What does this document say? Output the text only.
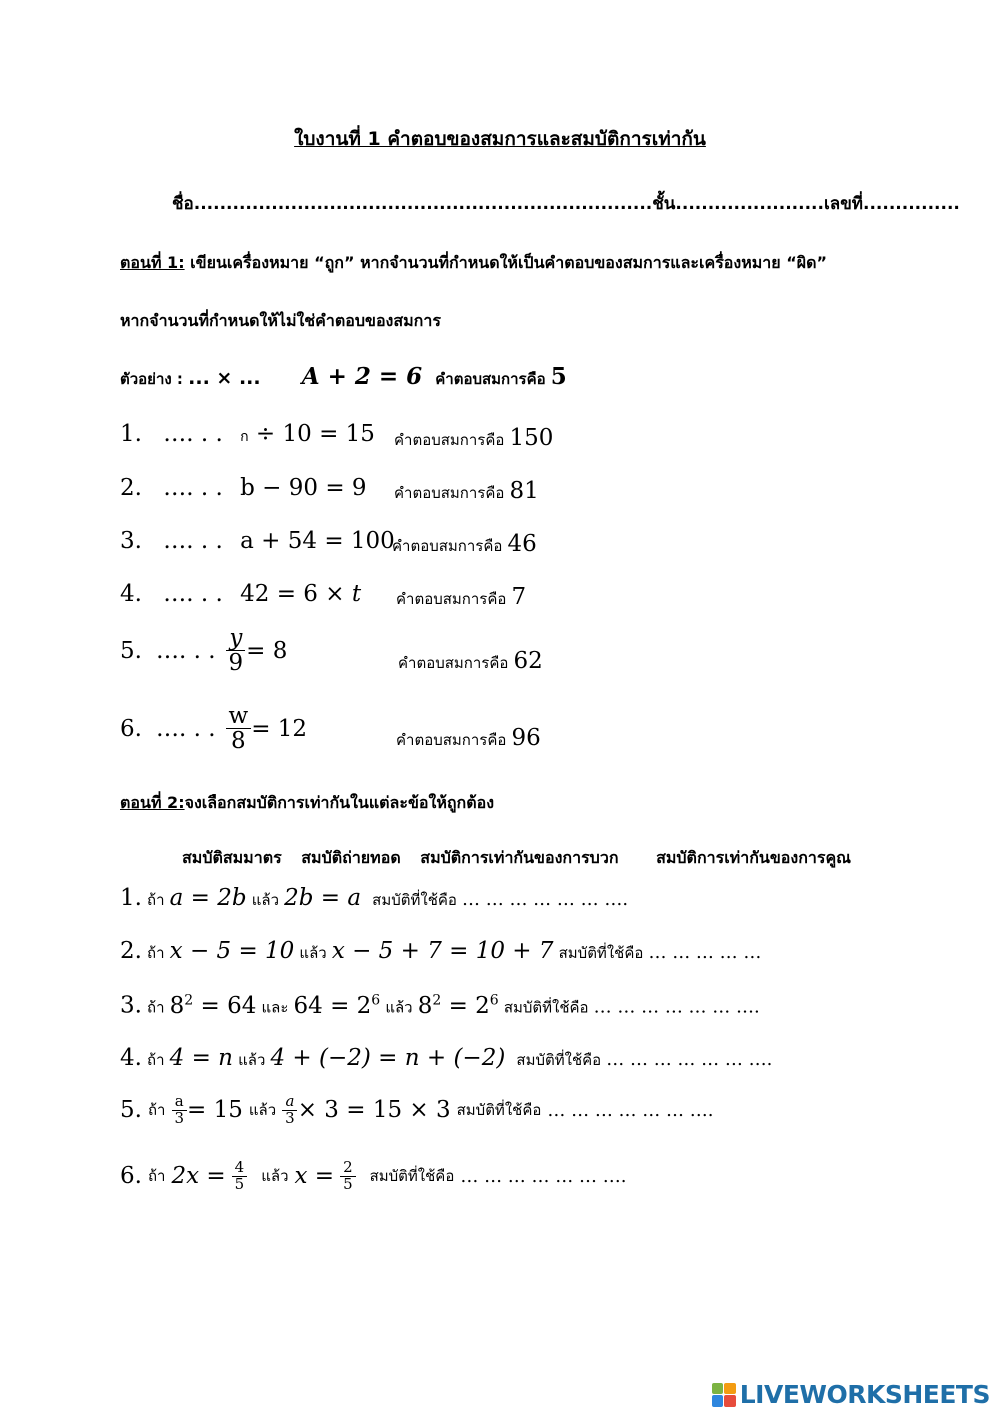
ใบงานที่ 1 คำตอบของสมการและสมบัติการเท่ากัน
ชื่อ.......................................................................ชั้น.......................เลขที่...............
ตอนที่ 1: เขียนเครื่องหมาย “ถูก” หากจำนวนที่กำหนดให้เป็นคำตอบของสมการและเครื่องหมาย “ผิด”
หากจำนวนที่กำหนดให้ไม่ใช่คำตอบของสมการ
ตัวอย่าง : ... × ... A + 2 = 6 คำตอบสมการคือ 5
1. …. . . ก ÷ 10 = 15 คำตอบสมการคือ 150
2. …. . . b − 90 = 9 คำตอบสมการคือ 81
3. …. . . a + 54 = 100
คำตอบสมการคือ 46
4. …. . . 42 = 6 × t คำตอบสมการคือ 7
5. …. . . $\frac{y}{9} = 8$	คำตอบสมการคือ 62
6. …. . . $\frac{w}{8} = 12$	คำตอบสมการคือ 96
ตอนที่ 2:จงเลือกสมบัติการเท่ากันในแต่ละข้อให้ถูกต้อง
สมบัติสมมาตร สมบัติถ่ายทอด สมบัติการเท่ากันของการบวก สมบัติการเท่ากันของการคูณ
1. ถ้า a = 2b แล้ว 2b = a สมบัติที่ใช้คือ … … … … … … ….
2. ถ้า x − 5 = 10 แล้ว x − 5 + 7 = 10 + 7 สมบัติที่ใช้คือ … … … … …
3. ถ้า $8^2 = 64$ และ $64 = 2^6$ แล้ว $8^2 = 2^6$ สมบัติที่ใช้คือ … … … … … … ….
4. ถ้า 4 = n แล้ว 4 + (−2) = n + (−2) สมบัติที่ใช้คือ … … … … … … ….
5. ถ้า $\frac{a}{3} = 15$ แล้ว $\frac{a}{3} \times 3 = 15 \times 3$ สมบัติที่ใช้คือ … … … … … … ….
6. ถ้า $2x = \frac{4}{5}$ แล้ว $x = \frac{2}{5}$ สมบัติที่ใช้คือ … … … … … … ….
LIVEWORKSHEETS
